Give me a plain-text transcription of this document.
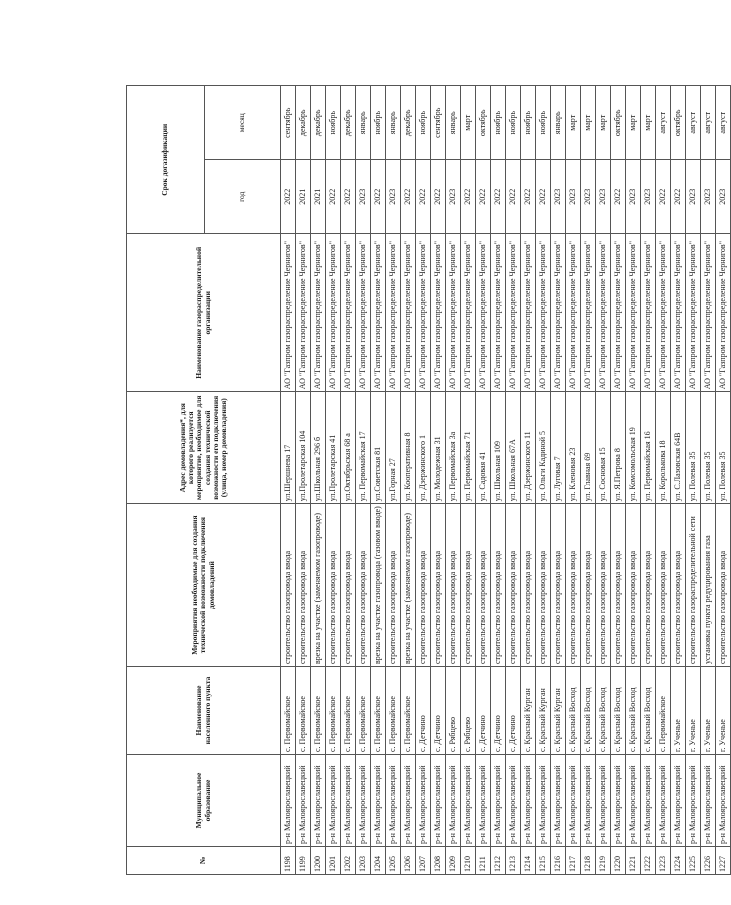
№	Муниципальное образование	Наименование населенного пункта	Мероприятия необходимые для создания технической возможности подключения домовладений	Адрес домовладения*, для которого реализуется мероприятие, необходимое для создания технической возможности его подключения (улица, номер домовладения)	Наименование газораспределительной организации	Срок догазификации	
						год	месяц
1198	р-н Малоярославецкий	с. Первомайское	строительство газопровода ввода	ул.Шершнева 17	АО "Газпром газораспределение Чернигов"	2022	сентябрь
1199	р-н Малоярославецкий	с. Первомайское	строительство газопровода ввода	ул.Пролетарская 104	АО "Газпром газораспределение Чернигов"	2021	декабрь
1200	р-н Малоярославецкий	с. Первомайское	врезка на участке (заменяемом газопроводе)	ул.Школьная 296 б	АО "Газпром газораспределение Чернигов"	2021	декабрь
1201	р-н Малоярославецкий	с. Первомайское	строительство газопровода ввода	ул.Пролетарская 41	АО "Газпром газораспределение Чернигов"	2022	ноябрь
1202	р-н Малоярославецкий	с. Первомайское	строительство газопровода ввода	ул.Октябрьская 68 а	АО "Газпром газораспределение Чернигов"	2022	декабрь
1203	р-н Малоярославецкий	с. Первомайское	строительство газопровода ввода	ул. Первомайская 17	АО "Газпром газораспределение Чернигов"	2023	январь
1204	р-н Малоярославецкий	с. Первомайское	врезка на участке газопровода (газовом вводе)	ул.Советская 81	АО "Газпром газораспределение Чернигов"	2022	ноябрь
1205	р-н Малоярославецкий	с. Первомайское	строительство газопровода ввода	ул.Горная 27	АО "Газпром газораспределение Чернигов"	2023	январь
1206	р-н Малоярославецкий	с. Первомайское	врезка на участке (заменяемом газопроводе)	ул. Кооперативная 8	АО "Газпром газораспределение Чернигов"	2022	декабрь
1207	р-н Малоярославецкий	с. Детчино	строительство газопровода ввода	ул. Дзержинского 1	АО "Газпром газораспределение Чернигов"	2022	ноябрь
1208	р-н Малоярославецкий	с. Детчино	строительство газопровода ввода	ул. Молодежная 31	АО "Газпром газораспределение Чернигов"	2022	сентябрь
1209	р-н Малоярославецкий	с. Рябцево	строительство газопровода ввода	ул. Первомайская 3а	АО "Газпром газораспределение Чернигов"	2023	январь
1210	р-н Малоярославецкий	с. Рябцево	строительство газопровода ввода	ул. Первомайская 71	АО "Газпром газораспределение Чернигов"	2022	март
1211	р-н Малоярославецкий	с. Детчино	строительство газопровода ввода	ул. Садовая 41	АО "Газпром газораспределение Чернигов"	2022	октябрь
1212	р-н Малоярославецкий	с. Детчино	строительство газопровода ввода	ул. Школьная 109	АО "Газпром газораспределение Чернигов"	2022	ноябрь
1213	р-н Малоярославецкий	с. Детчино	строительство газопровода ввода	ул. Школьная 67А	АО "Газпром газораспределение Чернигов"	2022	ноябрь
1214	р-н Малоярославецкий	с. Красный Курган	строительство газопровода ввода	ул. Дзержинского 11	АО "Газпром газораспределение Чернигов"	2022	ноябрь
1215	р-н Малоярославецкий	с. Красный Курган	строительство газопровода ввода	ул. Ольги Кадиной 5	АО "Газпром газораспределение Чернигов"	2022	ноябрь
1216	р-н Малоярославецкий	с. Красный Курган	строительство газопровода ввода	ул. Луговая 7	АО "Газпром газораспределение Чернигов"	2023	январь
1217	р-н Малоярославецкий	с. Красный Восход	строительство газопровода ввода	ул. Кленовая 23	АО "Газпром газораспределение Чернигов"	2023	март
1218	р-н Малоярославецкий	с. Красный Восход	строительство газопровода ввода	ул. Главная 69	АО "Газпром газораспределение Чернигов"	2023	март
1219	р-н Малоярославецкий	с. Красный Восход	строительство газопровода ввода	ул. Сосновая 15	АО "Газпром газораспределение Чернигов"	2023	март
1220	р-н Малоярославецкий	с. Красный Восход	строительство газопровода ввода	ул. Я.Петрова 8	АО "Газпром газораспределение Чернигов"	2022	октябрь
1221	р-н Малоярославецкий	с. Красный Восход	строительство газопровода ввода	ул. Комсомольская 19	АО "Газпром газораспределение Чернигов"	2023	март
1222	р-н Малоярославецкий	с. Красный Восход	строительство газопровода ввода	ул. Первомайская 16	АО "Газпром газораспределение Чернигов"	2023	март
1223	р-н Малоярославецкий	с. Первомайское	строительство газопровода ввода	ул. Королькова 18	АО "Газпром газораспределение Чернигов"	2022	август
1224	р-н Малоярославецкий	г. Ученые	строительство газопровода ввода	ул. С.Лазовская 64В	АО "Газпром газораспределение Чернигов"	2022	октябрь
1225	р-н Малоярославецкий	г. Ученые	строительство газораспределительной сети	ул. Полевая 35	АО "Газпром газораспределение Чернигов"	2023	август
1226	р-н Малоярославецкий	г. Ученые	установка пункта редуцирования газа	ул. Полевая 35	АО "Газпром газораспределение Чернигов"	2023	август
1227	р-н Малоярославецкий	г. Ученые	строительство газопровода ввода	ул. Полевая 35	АО "Газпром газораспределение Чернигов"	2023	август
